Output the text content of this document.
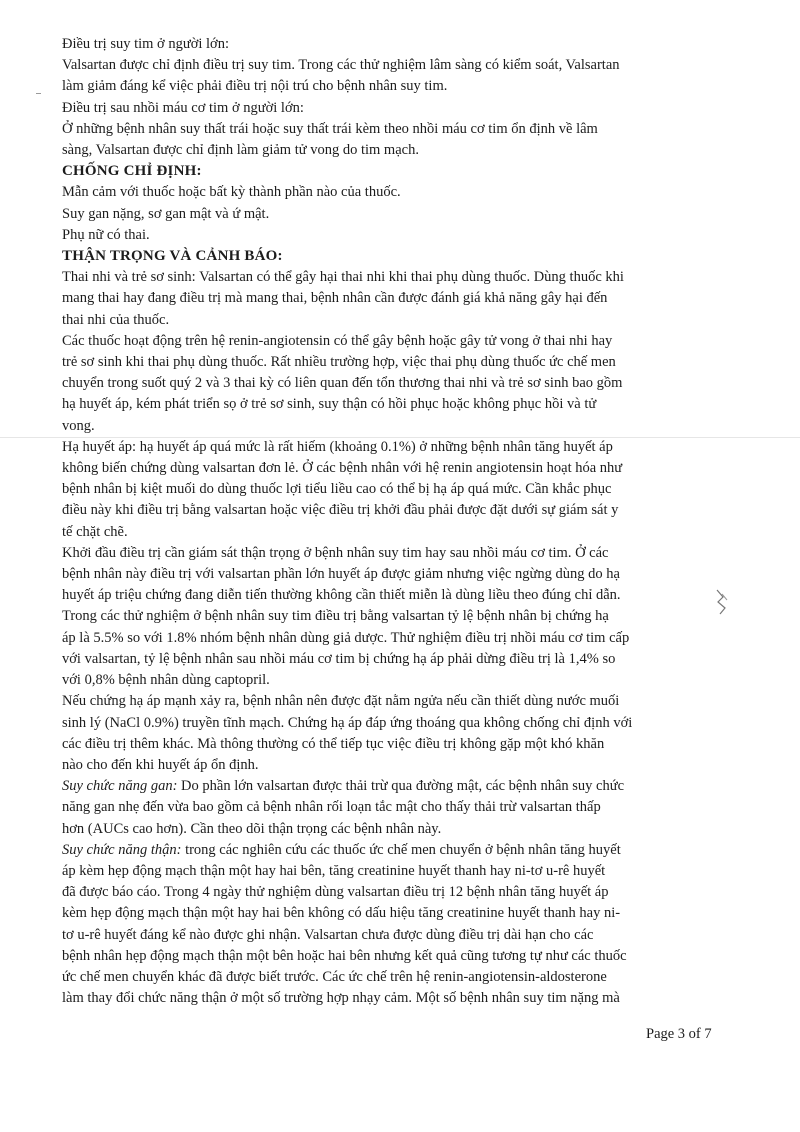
Điều trị suy tim ở người lớn:
Valsartan được chỉ định điều trị suy tim. Trong các thử nghiệm lâm sàng có kiểm soát, Valsartan
làm giảm đáng kể việc phải điều trị nội trú cho bệnh nhân suy tim.
Điều trị sau nhồi máu cơ tim ở người lớn:
Ở những bệnh nhân suy thất trái hoặc suy thất trái kèm theo nhồi máu cơ tim ổn định về lâm
sàng, Valsartan được chỉ định làm giảm tử vong do tim mạch.
CHỐNG CHỈ ĐỊNH:
Mẫn cảm với thuốc hoặc bất kỳ thành phần nào của thuốc.
Suy gan nặng, sơ gan mật và ứ mật.
Phụ nữ có thai.
THẬN TRỌNG VÀ CẢNH BÁO:
Thai nhi và trẻ sơ sinh: Valsartan có thể gây hại thai nhi khi thai phụ dùng thuốc. Dùng thuốc khi
mang thai hay đang điều trị mà mang thai, bệnh nhân cần được đánh giá khả năng gây hại đến
thai nhi của thuốc.
Các thuốc hoạt động trên hệ renin-angiotensin có thể gây bệnh hoặc gây tử vong ở thai nhi hay
trẻ sơ sinh khi thai phụ dùng thuốc. Rất nhiều trường hợp, việc thai phụ dùng thuốc ức chế men
chuyển trong suốt quý 2 và 3 thai kỳ có liên quan đến tổn thương thai nhi và trẻ sơ sinh bao gồm
hạ huyết áp, kém phát triển sọ ở trẻ sơ sinh, suy thận có hồi phục hoặc không phục hồi và tử
vong.
Hạ huyết áp: hạ huyết áp quá mức là rất hiếm (khoảng 0.1%) ở những bệnh nhân tăng huyết áp
không biến chứng dùng valsartan đơn lẻ. Ở các bệnh nhân với hệ renin angiotensin hoạt hóa như
bệnh nhân bị kiệt muối do dùng thuốc lợi tiểu liều cao có thể bị hạ áp quá mức. Cần khắc phục
điều này khi điều trị bằng valsartan hoặc việc điều trị khởi đầu phải được đặt dưới sự giám sát y
tế chặt chẽ.
Khởi đầu điều trị cần giám sát thận trọng ở bệnh nhân suy tim hay sau nhồi máu cơ tim. Ở các
bệnh nhân này điều trị với valsartan phần lớn huyết áp được giảm nhưng việc ngừng dùng do hạ
huyết áp triệu chứng đang diễn tiến thường không cần thiết miễn là dùng liều theo đúng chỉ dẫn.
Trong các thử nghiệm ở bệnh nhân suy tim điều trị bằng valsartan tỷ lệ bệnh nhân bị chứng hạ
áp là 5.5% so với 1.8% nhóm bệnh nhân dùng giả dược. Thử nghiệm điều trị nhồi máu cơ tim cấp
với valsartan, tỷ lệ bệnh nhân sau nhồi máu cơ tim bị chứng hạ áp phải dừng điều trị là 1,4% so
với 0,8% bệnh nhân dùng captopril.
Nếu chứng hạ áp mạnh xảy ra, bệnh nhân nên được đặt nằm ngửa nếu cần thiết dùng nước muối
sinh lý (NaCl 0.9%) truyền tĩnh mạch. Chứng hạ áp đáp ứng thoáng qua không chống chỉ định với
các điều trị thêm khác. Mà thông thường có thể tiếp tục việc điều trị không gặp một khó khăn
nào cho đến khi huyết áp ổn định.
Suy chức năng gan: Do phần lớn valsartan được thải trừ qua đường mật, các bệnh nhân suy chức
năng gan nhẹ đến vừa bao gồm cả bệnh nhân rối loạn tắc mật cho thấy thải trừ valsartan thấp
hơn (AUCs cao hơn). Cần theo dõi thận trọng các bệnh nhân này.
Suy chức năng thận: trong các nghiên cứu các thuốc ức chế men chuyển ở bệnh nhân tăng huyết
áp kèm hẹp động mạch thận một hay hai bên, tăng creatinine huyết thanh hay ni-tơ u-rê huyết
đã được báo cáo. Trong 4 ngày thử nghiệm dùng valsartan điều trị 12 bệnh nhân tăng huyết áp
kèm hẹp động mạch thận một hay hai bên không có dấu hiệu tăng creatinine huyết thanh hay ni-
tơ u-rê huyết đáng kể nào được ghi nhận. Valsartan chưa được dùng điều trị dài hạn cho các
bệnh nhân hẹp động mạch thận một bên hoặc hai bên nhưng kết quả cũng tương tự như các thuốc
ức chế men chuyển khác đã được biết trước. Các ức chế trên hệ renin-angiotensin-aldosterone
làm thay đổi chức năng thận ở một số trường hợp nhạy cảm. Một số bệnh nhân suy tim nặng mà
Page 3 of 7
